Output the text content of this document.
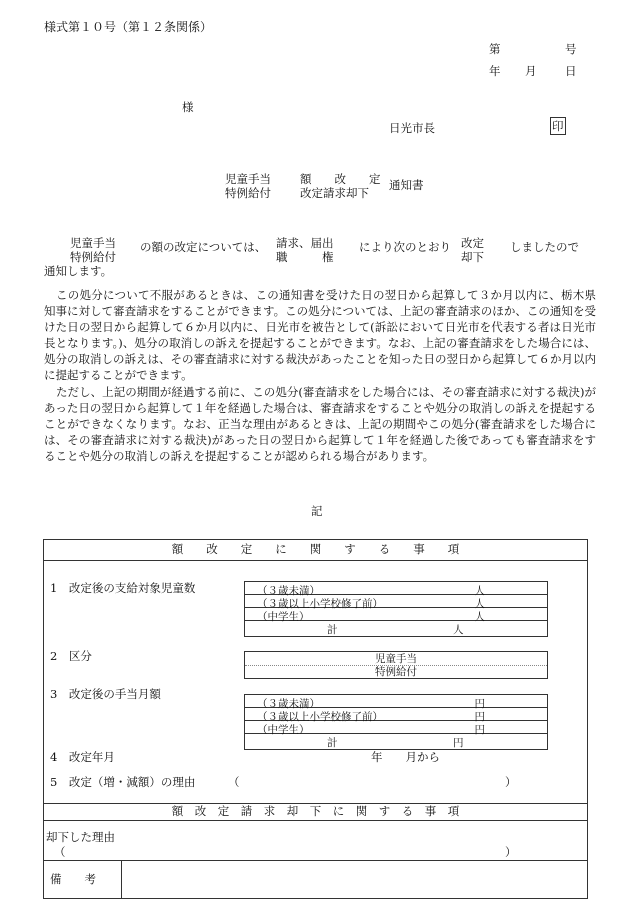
様式第１０号（第１２条関係）
第	号
年 月 日
様
日光市長	印
児童手当
特例給付
額　　改　　定
改定請求却下
通知書
児童手当
特例給付
の額の改定については、 請求、届出
職　　　権
により次のとおり 改定
却下
しましたので
通知します。
この処分について不服があるときは、この通知書を受けた日の翌日から起算して３か月以内に、栃木県知事に対して審査請求をすることができます。この処分については、上記の審査請求のほか、この通知を受けた日の翌日から起算して６か月以内に、日光市を被告として(訴訟において日光市を代表する者は日光市長となります。)、処分の取消しの訴えを提起することができます。なお、上記の審査請求をした場合には、処分の取消しの訴えは、その審査請求に対する裁決があったことを知った日の翌日から起算して６か月以内に提起することができます。
ただし、上記の期間が経過する前に、この処分(審査請求をした場合には、その審査請求に対する裁決)があった日の翌日から起算して１年を経過した場合は、審査請求をすることや処分の取消しの訴えを提起することができなくなります。なお、正当な理由があるときは、上記の期間やこの処分(審査請求をした場合には、その審査請求に対する裁決)があった日の翌日から起算して１年を経過した後であっても審査請求をすることや処分の取消しの訴えを提起することが認められる場合があります。
記
額　　改　　定　　に　　関　　す　　る　　事　　項
1　改定後の支給対象児童数	（３歳未満）	人
（３歳以上小学校修了前）	人
（中学生）	人
計	人
2　区分	児童手当
特例給付
3　改定後の手当月額
（３歳未満）	円
（３歳以上小学校修了前）	円
（中学生）	円
計	円
4　改定年月	年　　月から
5　改定（増・減額）の理由	（	）
額　改　定　請　求　却　下　に　関　す　る　事　項
却下した理由
（	）
備　　考
